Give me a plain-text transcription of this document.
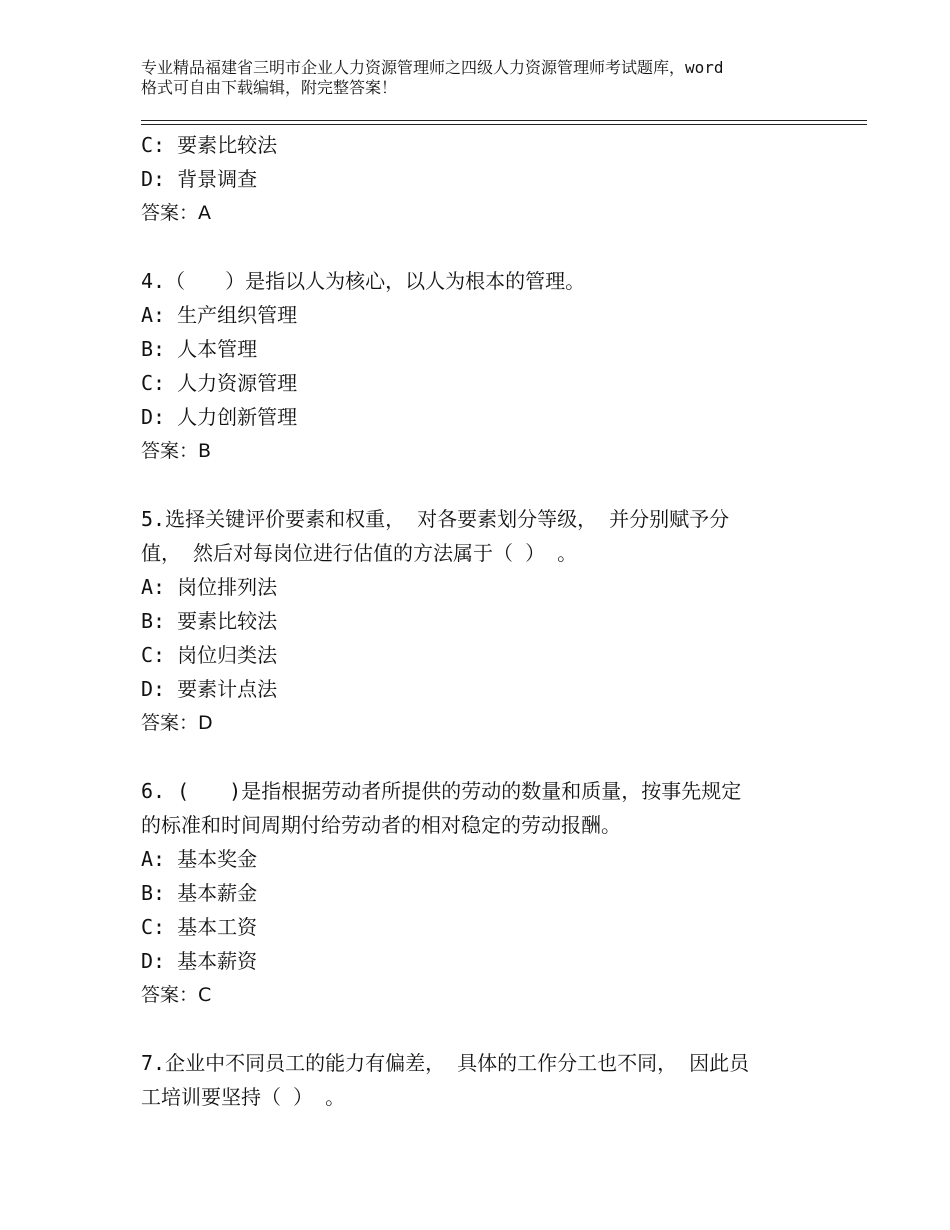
专业精品福建省三明市企业人力资源管理师之四级人力资源管理师考试题库，word
格式可自由下载编辑，附完整答案！
C: 要素比较法
D: 背景调查
答案：A
4.（　　）是指以人为核心，以人为根本的管理。
A: 生产组织管理
B: 人本管理
C: 人力资源管理
D: 人力创新管理
答案：B
5.选择关键评价要素和权重， 对各要素划分等级， 并分别赋予分
值， 然后对每岗位进行估值的方法属于（ ） 。
A: 岗位排列法
B: 要素比较法
C: 岗位归类法
D: 要素计点法
答案：D
6. (　　)是指根据劳动者所提供的劳动的数量和质量，按事先规定
的标准和时间周期付给劳动者的相对稳定的劳动报酬。
A: 基本奖金
B: 基本薪金
C: 基本工资
D: 基本薪资
答案：C
7.企业中不同员工的能力有偏差， 具体的工作分工也不同， 因此员
工培训要坚持（ ） 。
